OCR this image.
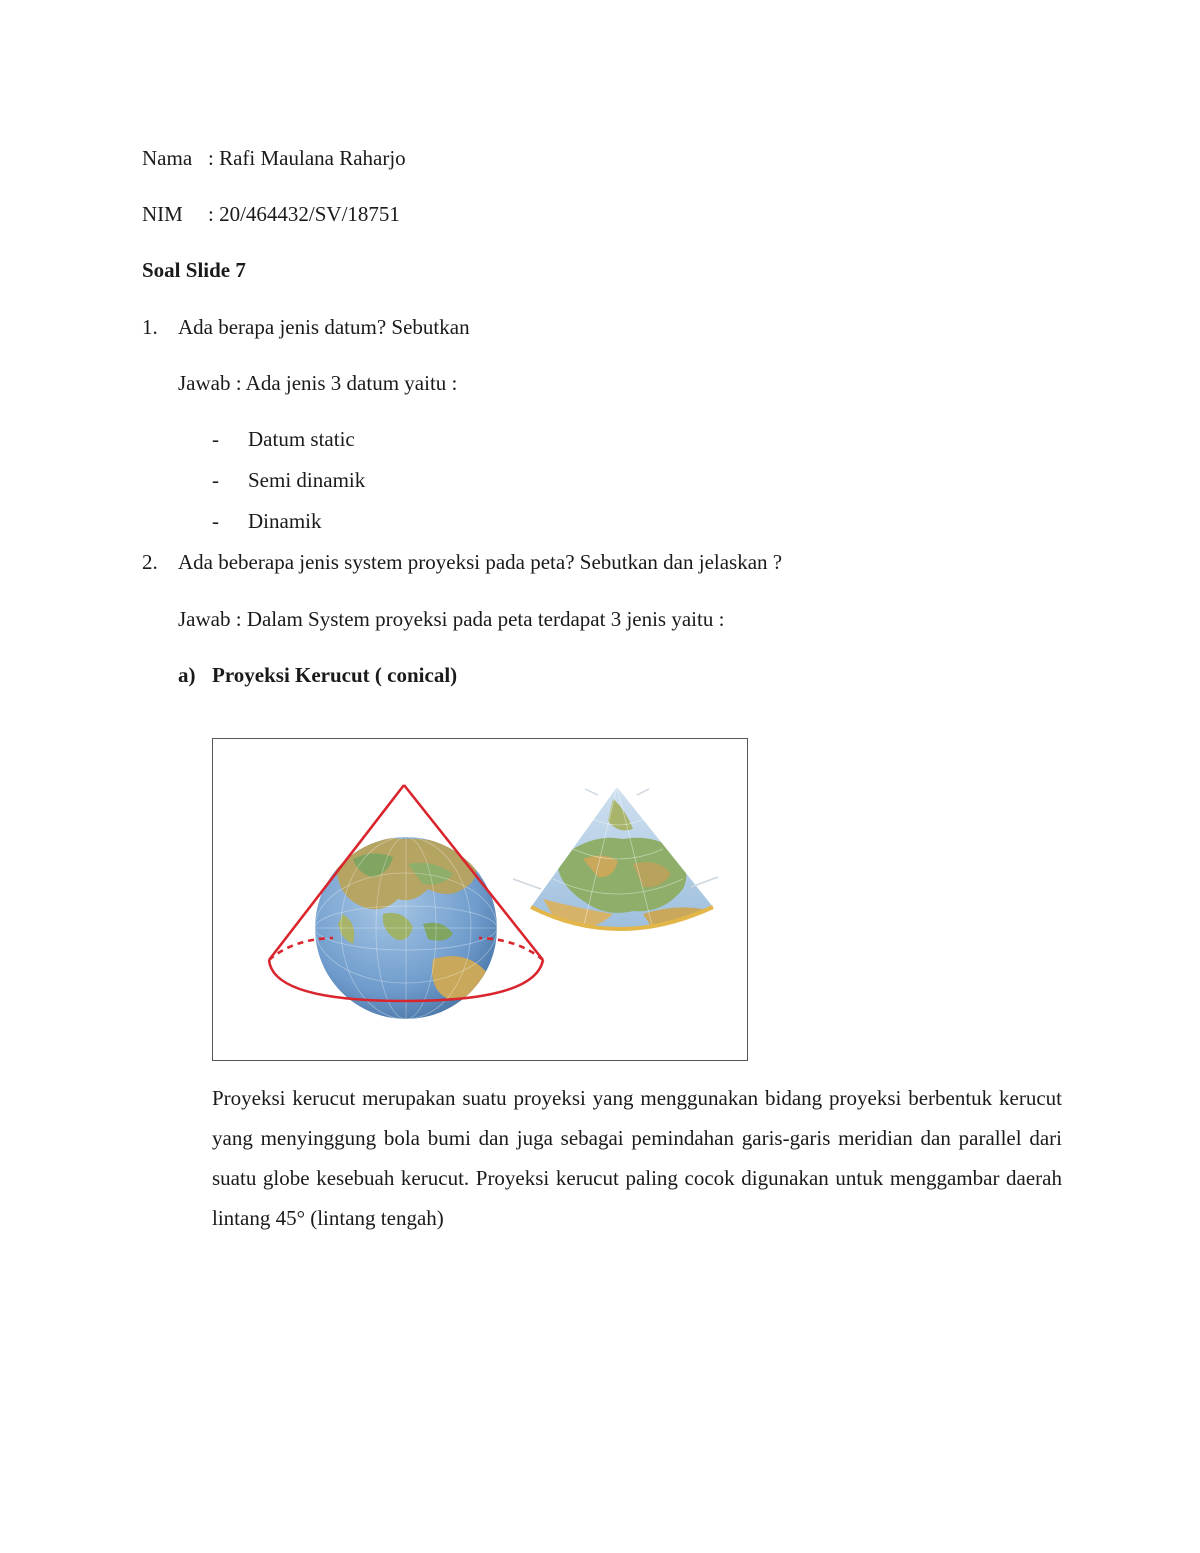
Nama : Rafi Maulana Raharjo
NIM : 20/464432/SV/18751
Soal Slide 7
1. Ada berapa jenis datum? Sebutkan
Jawab : Ada jenis 3 datum yaitu :
- Datum static
- Semi dinamik
- Dinamik
2. Ada beberapa jenis system proyeksi pada peta? Sebutkan dan jelaskan ?
Jawab : Dalam System proyeksi pada peta terdapat 3 jenis yaitu :
a) Proyeksi Kerucut ( conical)
Proyeksi kerucut merupakan suatu proyeksi yang menggunakan bidang proyeksi berbentuk kerucut yang menyinggung bola bumi dan juga sebagai pemindahan garis-garis meridian dan parallel dari suatu globe kesebuah kerucut. Proyeksi kerucut paling cocok digunakan untuk menggambar daerah lintang 45° (lintang tengah)
